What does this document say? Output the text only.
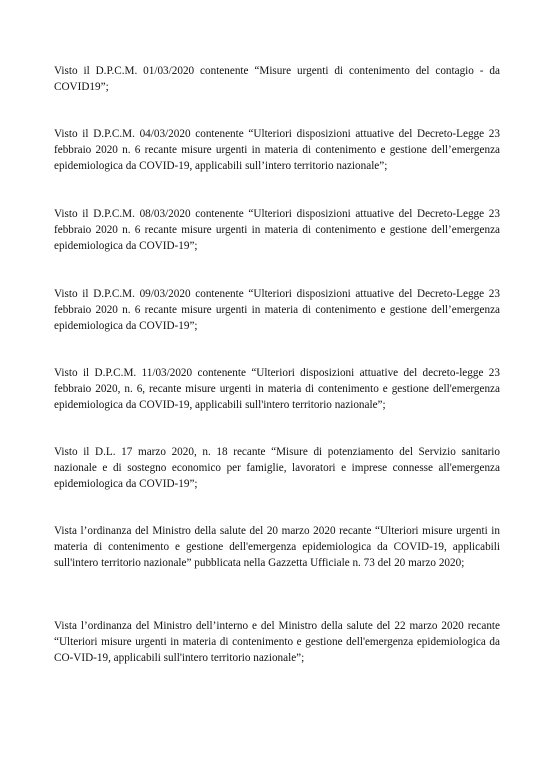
Visto il D.P.C.M. 01/03/2020 contenente “Misure urgenti di contenimento del contagio - da COVID19”;

Visto il D.P.C.M. 04/03/2020 contenente “Ulteriori disposizioni attuative del Decreto-Legge 23 febbraio 2020 n. 6 recante misure urgenti in materia di contenimento e gestione dell’emergenza epidemiologica da COVID-19, applicabili sull’intero territorio nazionale”;

Visto il D.P.C.M. 08/03/2020 contenente “Ulteriori disposizioni attuative del Decreto-Legge 23 febbraio 2020 n. 6 recante misure urgenti in materia di contenimento e gestione dell’emergenza epidemiologica da COVID-19”;

Visto il D.P.C.M. 09/03/2020 contenente “Ulteriori disposizioni attuative del Decreto-Legge 23 febbraio 2020 n. 6 recante misure urgenti in materia di contenimento e gestione dell’emergenza epidemiologica da COVID-19”;

Visto il D.P.C.M. 11/03/2020 contenente “Ulteriori disposizioni attuative del decreto-legge 23 febbraio 2020, n. 6, recante misure urgenti in materia di contenimento e gestione dell'emergenza epidemiologica da COVID-19, applicabili sull'intero territorio nazionale”;

Visto il D.L. 17 marzo 2020, n. 18 recante “Misure di potenziamento del Servizio sanitario nazionale e di sostegno economico per famiglie, lavoratori e imprese connesse all'emergenza epidemiologica da COVID-19”;

Vista l’ordinanza del Ministro della salute del 20 marzo 2020 recante “Ulteriori misure urgenti in materia di contenimento e gestione dell'emergenza epidemiologica da COVID-19, applicabili sull'intero territorio nazionale” pubblicata nella Gazzetta Ufficiale n. 73 del 20 marzo 2020;

Vista l’ordinanza del Ministro dell’interno e del Ministro della salute del 22 marzo 2020 recante “Ulteriori misure urgenti in materia di contenimento e gestione dell'emergenza epidemiologica da CO-VID-19, applicabili sull'intero territorio nazionale”;
